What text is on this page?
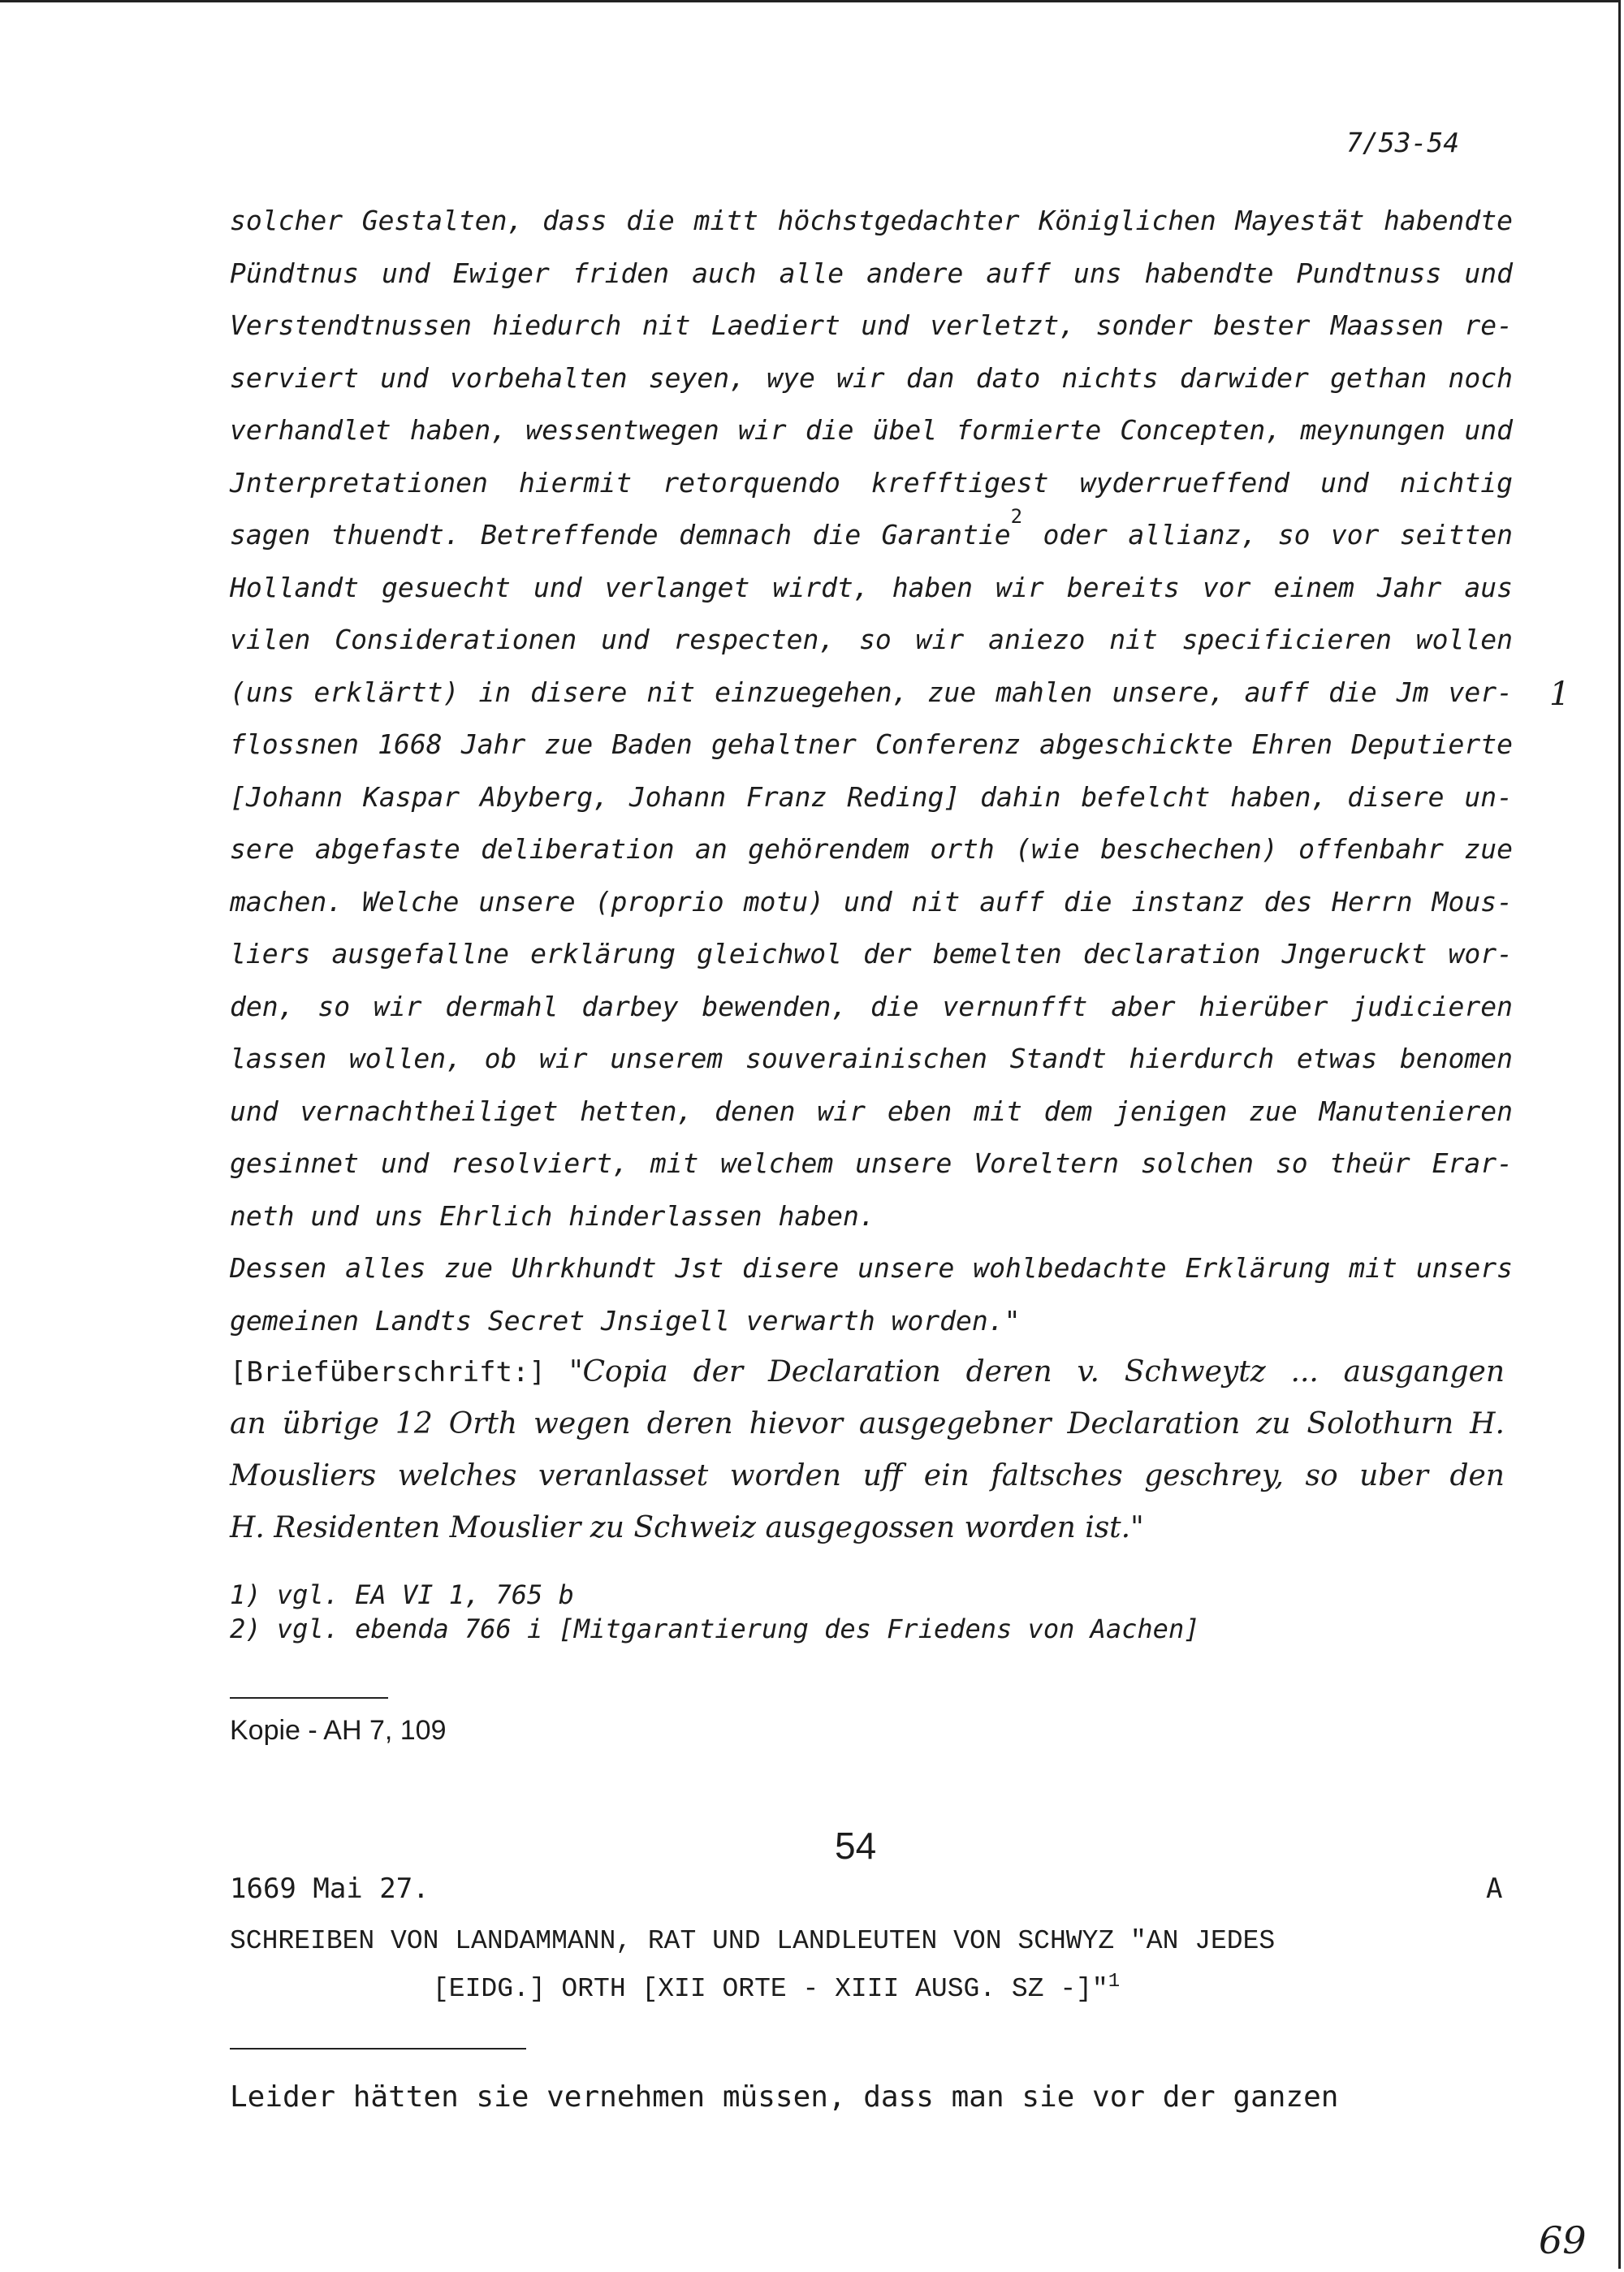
7/53-54
solcher Gestalten, dass die mitt höchstgedachter Königlichen Mayestät habendte
Pündtnus und Ewiger friden auch alle andere auff uns habendte Pundtnuss und
Verstendtnussen hiedurch nit Laediert und verletzt, sonder bester Maassen re-
serviert und vorbehalten seyen, wye wir dan dato nichts darwider gethan noch
verhandlet haben, wessentwegen wir die übel formierte Concepten, meynungen und
Jnterpretationen hiermit retorquendo krefftigest wyderrueffend und nichtig
sagen thuendt. Betreffende demnach die Garantie$^2$ oder allianz, so vor seitten
Hollandt gesuecht und verlanget wirdt, haben wir bereits vor einem Jahr aus
vilen Considerationen und respecten, so wir aniezo nit specificieren wollen
(uns erklärtt) in disere nit einzuegehen, zue mahlen unsere, auff die Jm ver-
flossnen 1668 Jahr zue Baden gehaltner Conferenz abgeschickte Ehren Deputierte
[Johann Kaspar Abyberg, Johann Franz Reding] dahin befelcht haben, disere un-
sere abgefaste deliberation an gehörendem orth (wie beschechen) offenbahr zue
machen. Welche unsere (proprio motu) und nit auff die instanz des Herrn Mous-
liers ausgefallne erklärung gleichwol der bemelten declaration Jngeruckt wor-
den, so wir dermahl darbey bewenden, die vernunfft aber hierüber judicieren
lassen wollen, ob wir unserem souverainischen Standt hierdurch etwas benomen
und vernachtheiliget hetten, denen wir eben mit dem jenigen zue Manutenieren
gesinnet und resolviert, mit welchem unsere Voreltern solchen so theür Erar-
neth und uns Ehrlich hinderlassen haben.
Dessen alles zue Uhrkhundt Jst disere unsere wohlbedachte Erklärung mit unsers
gemeinen Landts Secret Jnsigell verwarth worden."
1
[Briefüberschrift:] "Copia der Declaration deren v. Schweytz ... ausgangen
an übrige 12 Orth wegen deren hievor ausgegebner Declaration zu Solothurn H.
Mousliers welches veranlasset worden uff ein faltsches geschrey, so uber den
H. Residenten Mouslier zu Schweiz ausgegossen worden ist."
1) vgl. EA VI 1, 765 b
2) vgl. ebenda 766 i [Mitgarantierung des Friedens von Aachen]
Kopie - AH 7, 109
54
1669 Mai 27.	A
SCHREIBEN VON LANDAMMANN, RAT UND LANDLEUTEN VON SCHWYZ "AN JEDES
[EIDG.] ORTH [XII ORTE - XIII AUSG. SZ -]"$^1$
Leider hätten sie vernehmen müssen, dass man sie vor der ganzen
69
